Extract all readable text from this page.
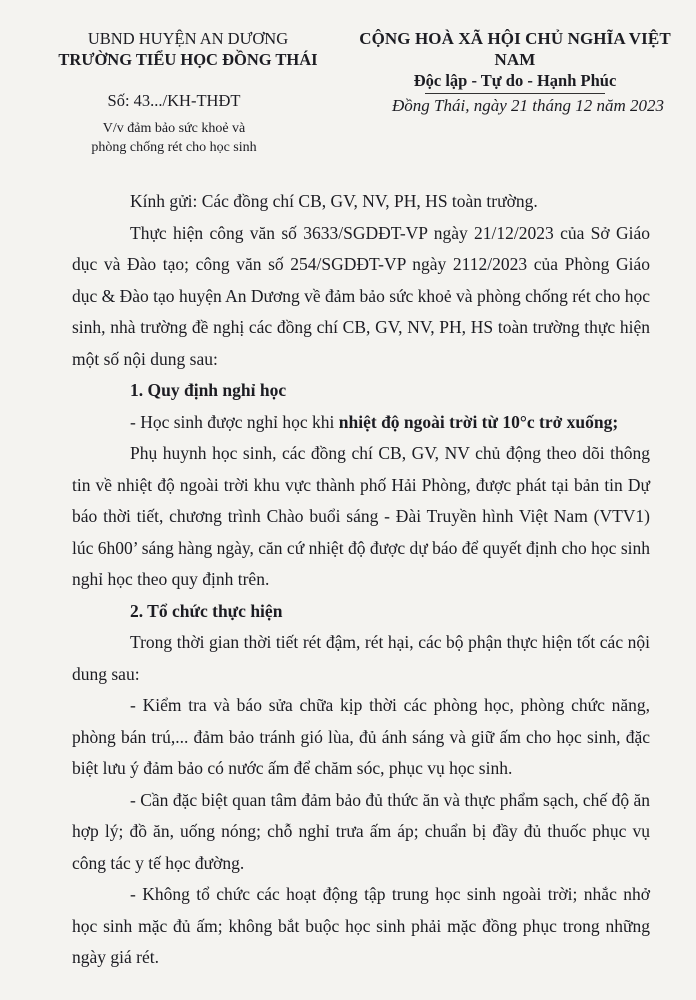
UBND HUYỆN AN DƯƠNG
TRƯỜNG TIỂU HỌC ĐỒNG THÁI
CỘNG HOÀ XÃ HỘI CHỦ NGHĨA VIỆT NAM
Độc lập - Tự do - Hạnh Phúc
Số: 43.../KH-THĐT
V/v đảm bảo sức khoẻ và
phòng chống rét cho học sinh
Đồng Thái, ngày 21 tháng 12 năm 2023

Kính gửi: Các đồng chí CB, GV, NV, PH, HS toàn trường.

Thực hiện công văn số 3633/SGDĐT-VP ngày 21/12/2023 của Sở Giáo dục và Đào tạo; công văn số 254/SGDĐT-VP ngày 2112/2023 của Phòng Giáo dục & Đào tạo huyện An Dương về đảm bảo sức khoẻ và phòng chống rét cho học sinh, nhà trường đề nghị các đồng chí CB, GV, NV, PH, HS toàn trường thực hiện một số nội dung sau:

1. Quy định nghỉ học

- Học sinh được nghỉ học khi nhiệt độ ngoài trời từ 10°c trở xuống;

Phụ huynh học sinh, các đồng chí CB, GV, NV chủ động theo dõi thông tin về nhiệt độ ngoài trời khu vực thành phố Hải Phòng, được phát tại bản tin Dự báo thời tiết, chương trình Chào buổi sáng - Đài Truyền hình Việt Nam (VTV1) lúc 6h00’ sáng hàng ngày, căn cứ nhiệt độ được dự báo để quyết định cho học sinh nghỉ học theo quy định trên.

2. Tổ chức thực hiện

Trong thời gian thời tiết rét đậm, rét hại, các bộ phận thực hiện tốt các nội dung sau:

- Kiểm tra và báo sửa chữa kịp thời các phòng học, phòng chức năng, phòng bán trú,... đảm bảo tránh gió lùa, đủ ánh sáng và giữ ấm cho học sinh, đặc biệt lưu ý đảm bảo có nước ấm để chăm sóc, phục vụ học sinh.

- Cần đặc biệt quan tâm đảm bảo đủ thức ăn và thực phẩm sạch, chế độ ăn hợp lý; đồ ăn, uống nóng; chỗ nghỉ trưa ấm áp; chuẩn bị đầy đủ thuốc phục vụ công tác y tế học đường.

- Không tổ chức các hoạt động tập trung học sinh ngoài trời; nhắc nhở học sinh mặc đủ ấm; không bắt buộc học sinh phải mặc đồng phục trong những ngày giá rét.
